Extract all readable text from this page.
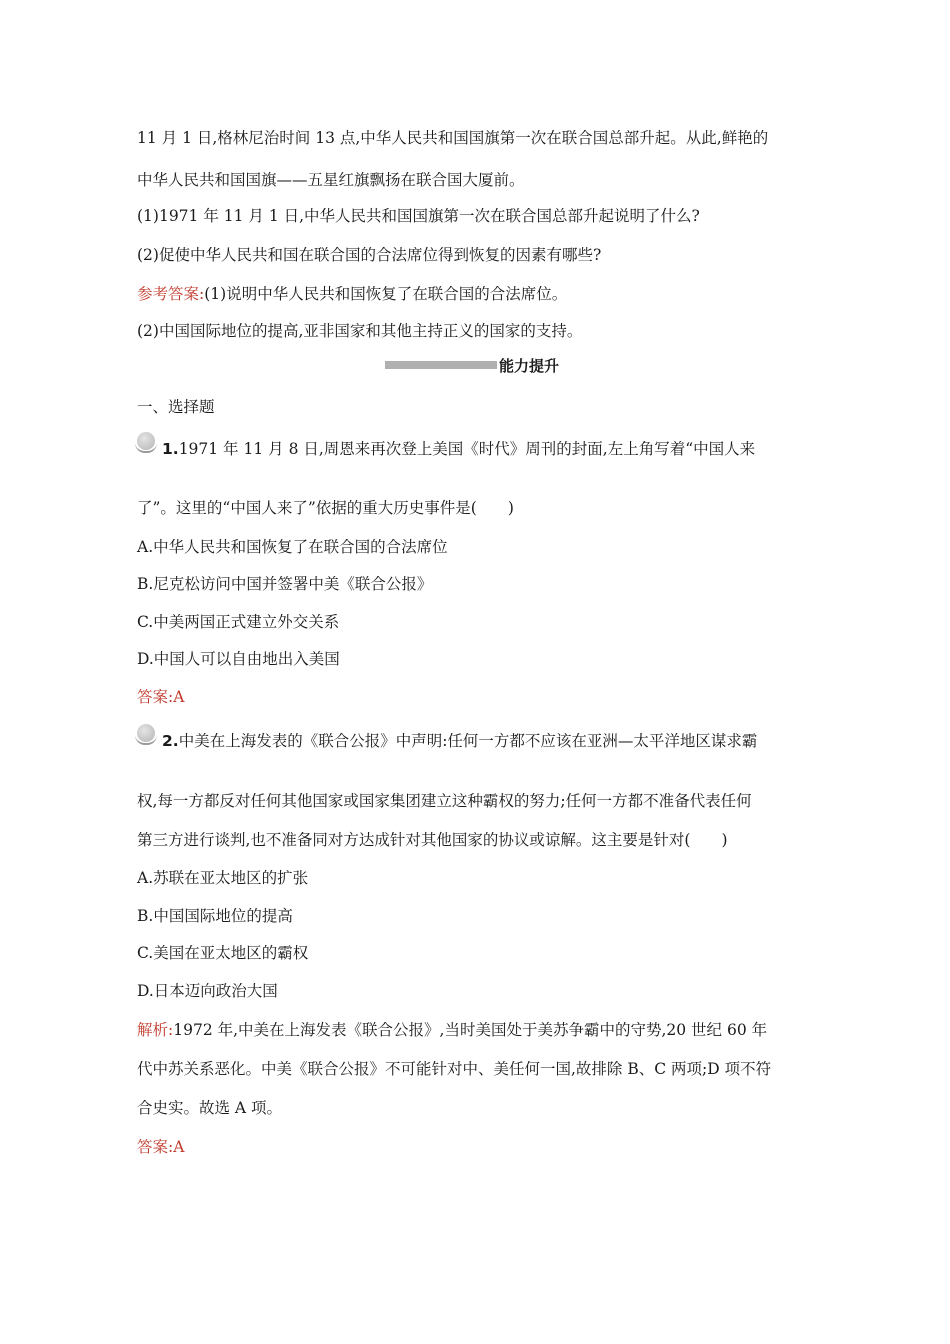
11 月 1 日,格林尼治时间 13 点,中华人民共和国国旗第一次在联合国总部升起。从此,鲜艳的
中华人民共和国国旗——五星红旗飘扬在联合国大厦前。
(1)1971 年 11 月 1 日,中华人民共和国国旗第一次在联合国总部升起说明了什么?
(2)促使中华人民共和国在联合国的合法席位得到恢复的因素有哪些?
参考答案:(1)说明中华人民共和国恢复了在联合国的合法席位。
(2)中国国际地位的提高,亚非国家和其他主持正义的国家的支持。
能力提升
一、选择题
1.1971 年 11 月 8 日,周恩来再次登上美国《时代》周刊的封面,左上角写着“中国人来
了”。这里的“中国人来了”依据的重大历史事件是(　　)
A.中华人民共和国恢复了在联合国的合法席位
B.尼克松访问中国并签署中美《联合公报》
C.中美两国正式建立外交关系
D.中国人可以自由地出入美国
答案:A
2.中美在上海发表的《联合公报》中声明:任何一方都不应该在亚洲—太平洋地区谋求霸
权,每一方都反对任何其他国家或国家集团建立这种霸权的努力;任何一方都不准备代表任何
第三方进行谈判,也不准备同对方达成针对其他国家的协议或谅解。这主要是针对(　　)
A.苏联在亚太地区的扩张
B.中国国际地位的提高
C.美国在亚太地区的霸权
D.日本迈向政治大国
解析:1972 年,中美在上海发表《联合公报》,当时美国处于美苏争霸中的守势,20 世纪 60 年
代中苏关系恶化。中美《联合公报》不可能针对中、美任何一国,故排除 B、C 两项;D 项不符
合史实。故选 A 项。
答案:A
